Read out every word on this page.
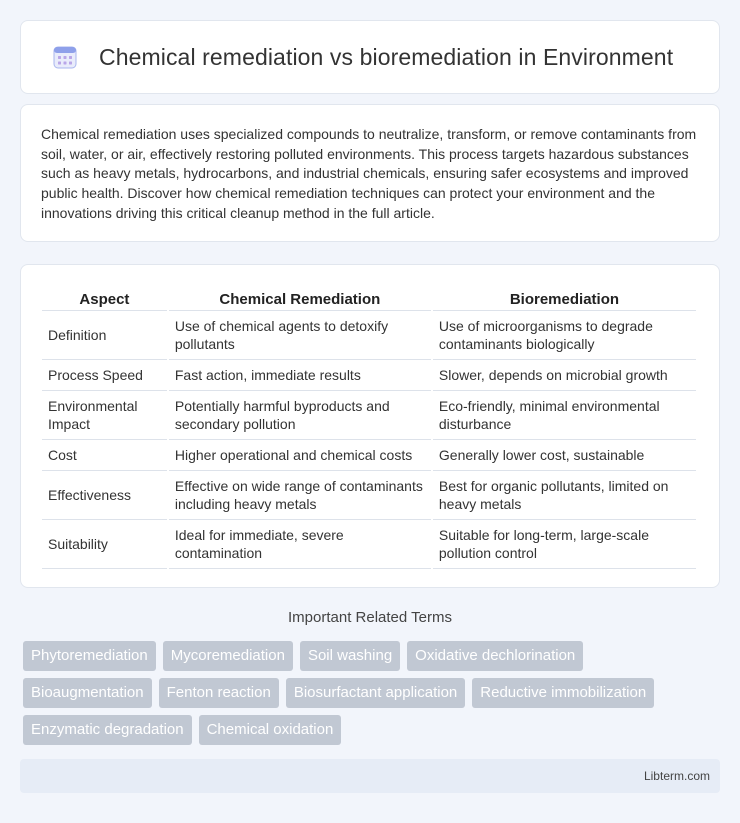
Chemical remediation vs bioremediation in Environment

Chemical remediation uses specialized compounds to neutralize, transform, or remove contaminants from soil, water, or air, effectively restoring polluted environments. This process targets hazardous substances such as heavy metals, hydrocarbons, and industrial chemicals, ensuring safer ecosystems and improved public health. Discover how chemical remediation techniques can protect your environment and the innovations driving this critical cleanup method in the full article.

Aspect	Chemical Remediation	Bioremediation
Definition	Use of chemical agents to detoxify pollutants	Use of microorganisms to degrade contaminants biologically
Process Speed	Fast action, immediate results	Slower, depends on microbial growth
Environmental Impact	Potentially harmful byproducts and secondary pollution	Eco-friendly, minimal environmental disturbance
Cost	Higher operational and chemical costs	Generally lower cost, sustainable
Effectiveness	Effective on wide range of contaminants including heavy metals	Best for organic pollutants, limited on heavy metals
Suitability	Ideal for immediate, severe contamination	Suitable for long-term, large-scale pollution control
Important Related Terms
Phytoremediation	Mycoremediation	Soil washing	Oxidative dechlorination
Bioaugmentation	Fenton reaction	Biosurfactant application	Reductive immobilization
Enzymatic degradation	Chemical oxidation
Libterm.com
